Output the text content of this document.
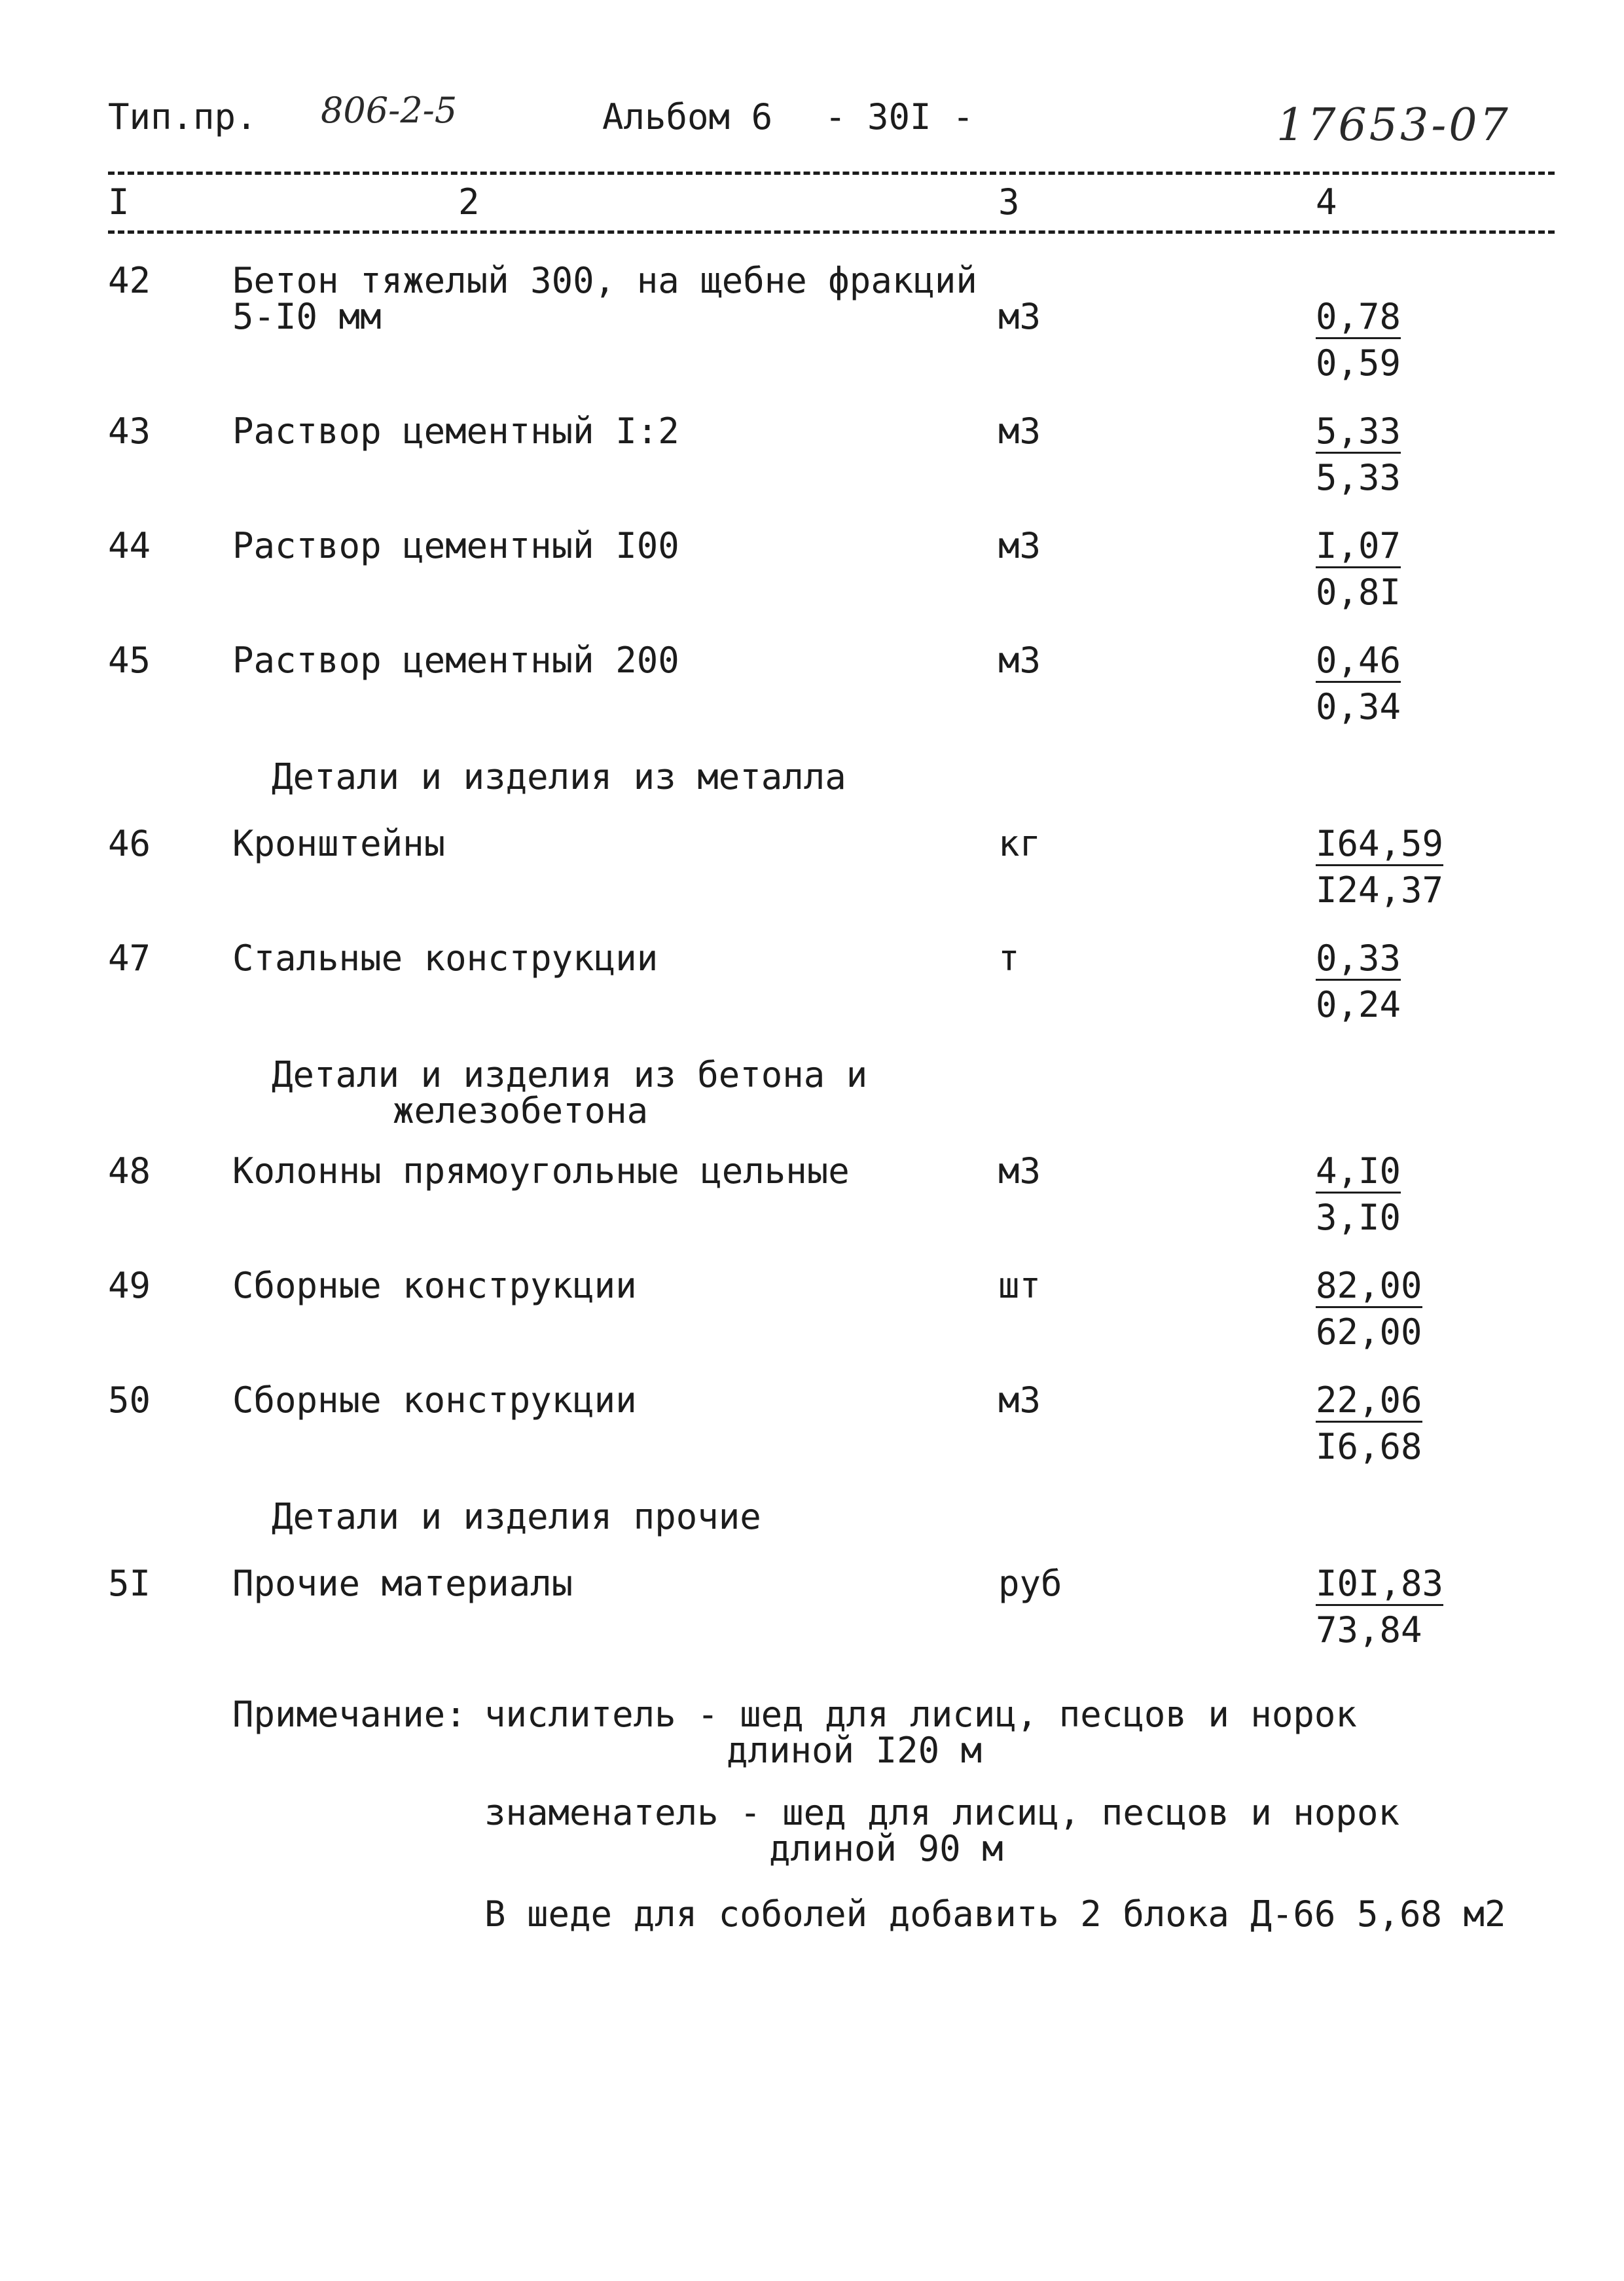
Тип.пр. 806-2-5	Альбом 6 - 30I -	17653-07
I	2	3	4
42 Бетон тяжелый 300, на щебне фракций
5-I0 мм	м3	$\frac{0,78}{0,59}$
43 Раствор цементный I:2	м3	$\frac{5,33}{5,33}$
44 Раствор цементный I00	м3	$\frac{I,07}{0,8I}$
45 Раствор цементный 200	м3	$\frac{0,46}{0,34}$
Детали и изделия из металла
46 Кронштейны	кг	$\frac{I64,59}{I24,37}$
47 Стальные конструкции	т	$\frac{0,33}{0,24}$
Детали и изделия из бетона и
железобетона
48 Колонны прямоугольные цельные	м3	$\frac{4,I0}{3,I0}$
49 Сборные конструкции	шт	$\frac{82,00}{62,00}$
50 Сборные конструкции	м3	$\frac{22,06}{I6,68}$
Детали и изделия прочие
5I Прочие материалы	руб	$\frac{I0I,83}{73,84}$
Примечание: числитель - шед для лисиц, песцов и норок
длиной I20 м
знаменатель - шед для лисиц, песцов и норок
длиной 90 м
В шеде для соболей добавить 2 блока Д-66 5,68 м2
